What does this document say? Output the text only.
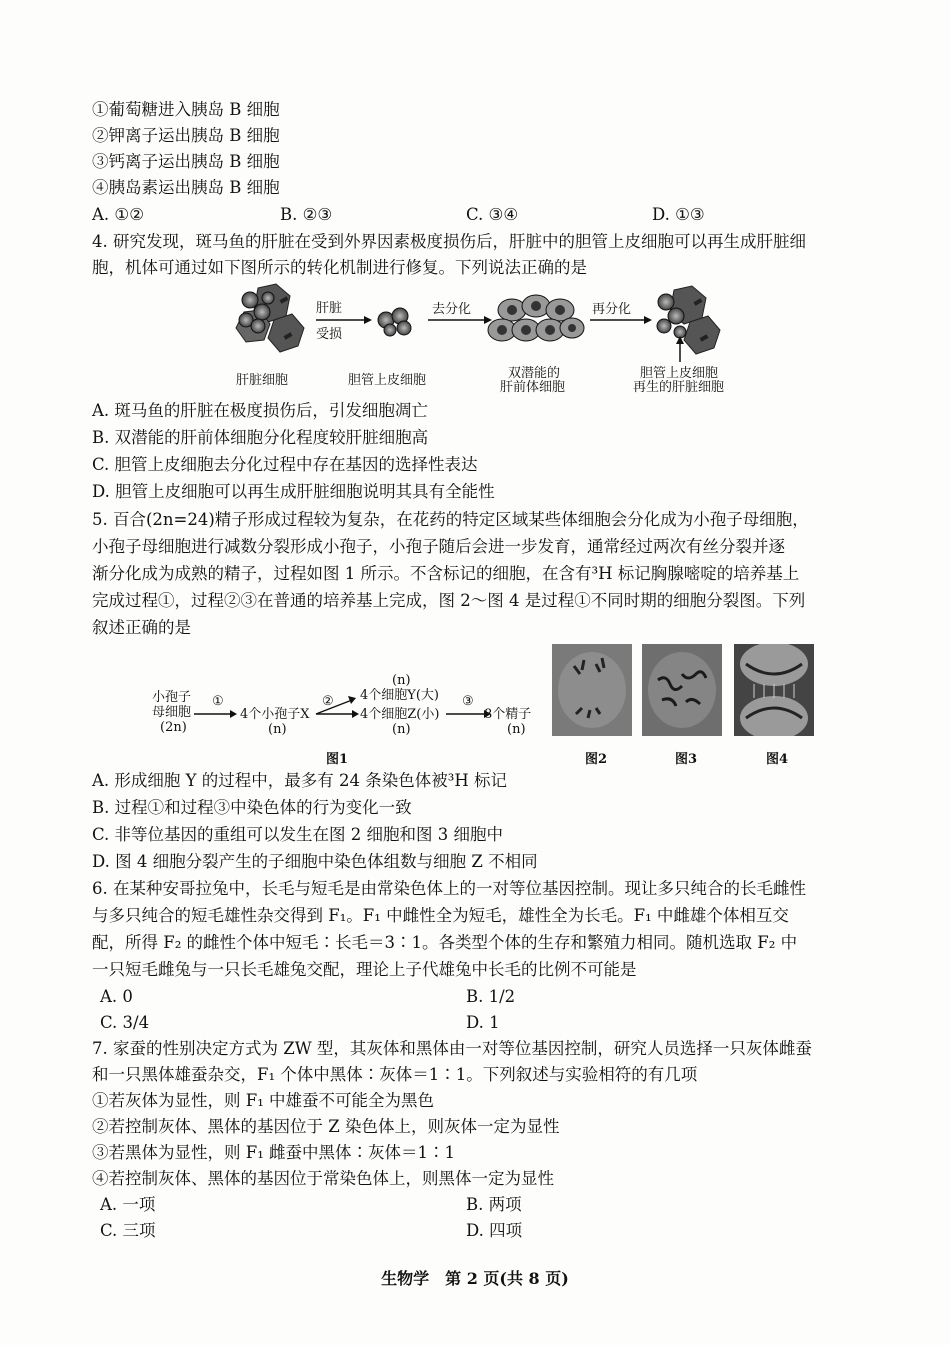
①葡萄糖进入胰岛 B 细胞
②钾离子运出胰岛 B 细胞
③钙离子运出胰岛 B 细胞
④胰岛素运出胰岛 B 细胞
A. ①②	B. ②③	C. ③④	D. ①③
4. 研究发现，斑马鱼的肝脏在受到外界因素极度损伤后，肝脏中的胆管上皮细胞可以再生成肝脏细
胞，机体可通过如下图所示的转化机制进行修复。下列说法正确的是
肝脏
受损
去分化	再分化
肝脏细胞	胆管上皮细胞	双潜能的
肝前体细胞
胆管上皮细胞
再生的肝脏细胞
A. 斑马鱼的肝脏在极度损伤后，引发细胞凋亡
B. 双潜能的肝前体细胞分化程度较肝脏细胞高
C. 胆管上皮细胞去分化过程中存在基因的选择性表达
D. 胆管上皮细胞可以再生成肝脏细胞说明其具有全能性
5. 百合(2n=24)精子形成过程较为复杂，在花药的特定区域某些体细胞会分化成为小孢子母细胞，
小孢子母细胞进行减数分裂形成小孢子，小孢子随后会进一步发育，通常经过两次有丝分裂并逐
渐分化成为成熟的精子，过程如图 1 所示。不含标记的细胞，在含有³H 标记胸腺嘧啶的培养基上
完成过程①，过程②③在普通的培养基上完成，图 2～图 4 是过程①不同时期的细胞分裂图。下列
叙述正确的是
小孢子
母细胞
(2n)
①
4个小孢子X
(n)
②
(n)
4个细胞Y(大)
4个细胞Z(小)
(n)
③
8个精子
(n)
图1	图2	图3	图4
A. 形成细胞 Y 的过程中，最多有 24 条染色体被³H 标记
B. 过程①和过程③中染色体的行为变化一致
C. 非等位基因的重组可以发生在图 2 细胞和图 3 细胞中
D. 图 4 细胞分裂产生的子细胞中染色体组数与细胞 Z 不相同
6. 在某种安哥拉兔中，长毛与短毛是由常染色体上的一对等位基因控制。现让多只纯合的长毛雌性
与多只纯合的短毛雄性杂交得到 F₁。F₁ 中雌性全为短毛，雄性全为长毛。F₁ 中雌雄个体相互交
配，所得 F₂ 的雌性个体中短毛∶长毛＝3∶1。各类型个体的生存和繁殖力相同。随机选取 F₂ 中
一只短毛雌兔与一只长毛雄兔交配，理论上子代雄兔中长毛的比例不可能是
A. 0	B. 1/2
C. 3/4	D. 1
7. 家蚕的性别决定方式为 ZW 型，其灰体和黑体由一对等位基因控制，研究人员选择一只灰体雌蚕
和一只黑体雄蚕杂交，F₁ 个体中黑体∶灰体＝1∶1。下列叙述与实验相符的有几项
①若灰体为显性，则 F₁ 中雄蚕不可能全为黑色
②若控制灰体、黑体的基因位于 Z 染色体上，则灰体一定为显性
③若黑体为显性，则 F₁ 雌蚕中黑体∶灰体＝1∶1
④若控制灰体、黑体的基因位于常染色体上，则黑体一定为显性
A. 一项	B. 两项
C. 三项	D. 四项
生物学　第 2 页(共 8 页)
